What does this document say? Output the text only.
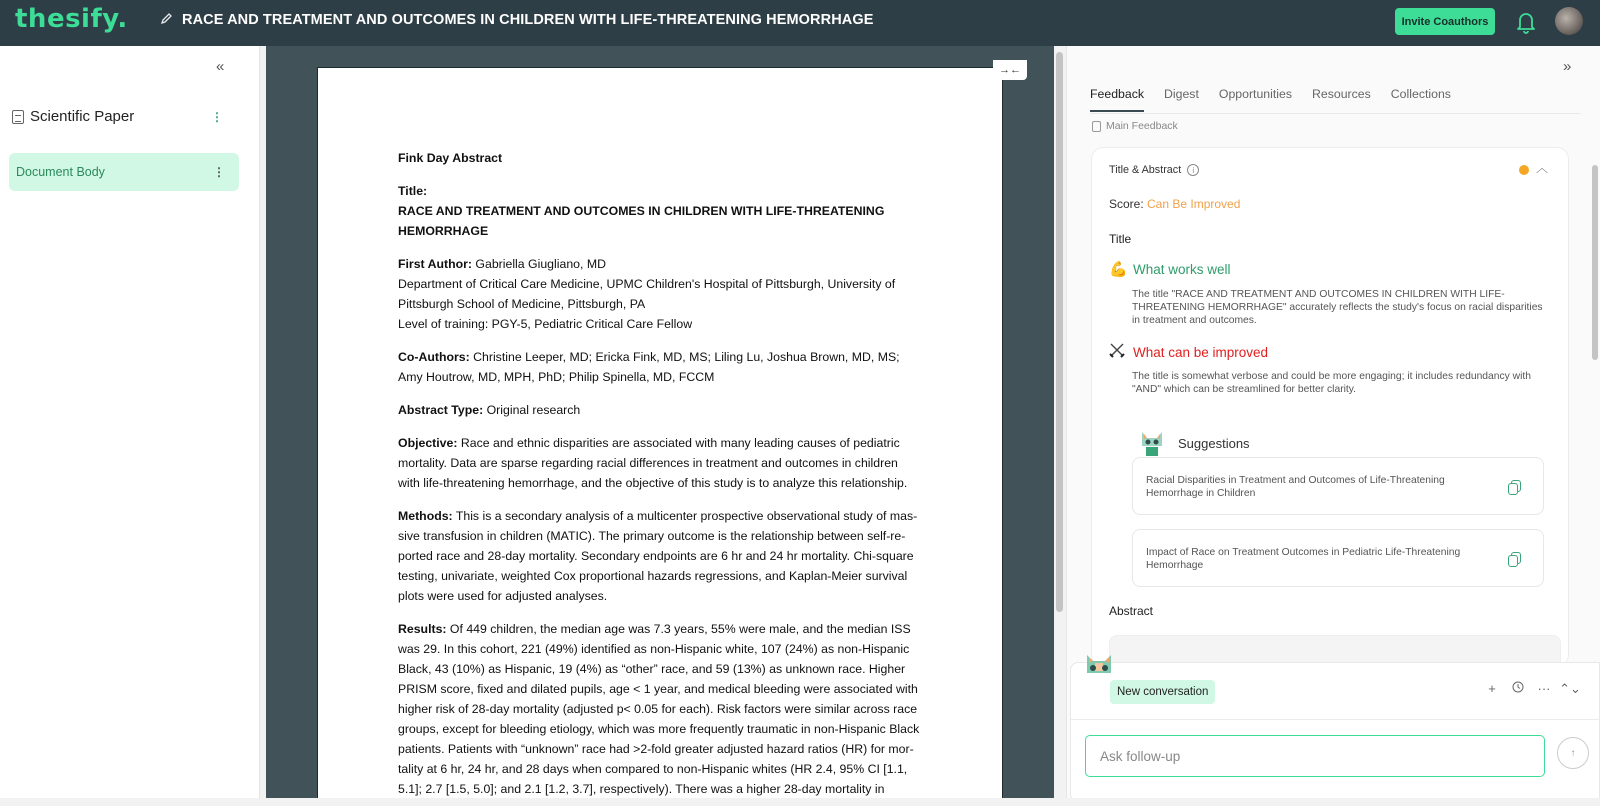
thesify.	RACE AND TREATMENT AND OUTCOMES IN CHILDREN WITH LIFE-THREATENING HEMORRHAGE	Invite Coauthors
«
Scientific Paper	⋮
Document Body	⋮

Fink Day Abstract

Title:
RACE AND TREATMENT AND OUTCOMES IN CHILDREN WITH LIFE-THREATENING HEMORRHAGE

First Author: Gabriella Giugliano, MD
Department of Critical Care Medicine, UPMC Children's Hospital of Pittsburgh, University of Pittsburgh School of Medicine, Pittsburgh, PA
Level of training: PGY-5, Pediatric Critical Care Fellow

Co-Authors: Christine Leeper, MD; Ericka Fink, MD, MS; Liling Lu, Joshua Brown, MD, MS; Amy Houtrow, MD, MPH, PhD; Philip Spinella, MD, FCCM

Abstract Type: Original research

Objective: Race and ethnic disparities are associated with many leading causes of pediatric mortality. Data are sparse regarding racial differences in treatment and outcomes in children with life-threatening hemorrhage, and the objective of this study is to analyze this relationship.

Methods: This is a secondary analysis of a multicenter prospective observational study of massive transfusion in children (MATIC). The primary outcome is the relationship between self-reported race and 28-day mortality. Secondary endpoints are 6 hr and 24 hr mortality. Chi-square testing, univariate, weighted Cox proportional hazards regressions, and Kaplan-Meier survival plots were used for adjusted analyses.

Results: Of 449 children, the median age was 7.3 years, 55% were male, and the median ISS was 29. In this cohort, 221 (49%) identified as non-Hispanic white, 107 (24%) as non-Hispanic Black, 43 (10%) as Hispanic, 19 (4%) as “other” race, and 59 (13%) as unknown race. Higher PRISM score, fixed and dilated pupils, age < 1 year, and medical bleeding were associated with higher risk of 28-day mortality (adjusted p< 0.05 for each). Risk factors were similar across race groups, except for bleeding etiology, which was more frequently traumatic in non-Hispanic Black patients. Patients with “unknown” race had >2-fold greater adjusted hazard ratios (HR) for mortality at 6 hr, 24 hr, and 28 days when compared to non-Hispanic whites (HR 2.4, 95% CI [1.1, 5.1]; 2.7 [1.5, 5.0]; and 2.1 [1.2, 3.7], respectively). There was a higher 28-day mortality in

→←	»
Feedback Digest Opportunities Resources Collections
Main Feedback
Title & Abstract	i	︿
Score: Can Be Improved
Title
💪 What works well
The title "RACE AND TREATMENT AND OUTCOMES IN CHILDREN WITH LIFE-THREATENING HEMORRHAGE" accurately reflects the study's focus on racial disparities in treatment and outcomes.
What can be improved
The title is somewhat verbose and could be more engaging; it includes redundancy with "AND" which can be streamlined for better clarity.
Suggestions
Racial Disparities in Treatment and Outcomes of Life-Threatening Hemorrhage in Children
Impact of Race on Treatment Outcomes in Pediatric Life-Threatening Hemorrhage
Abstract
New conversation	+	··· ⌃⌄
Ask follow-up
↑
